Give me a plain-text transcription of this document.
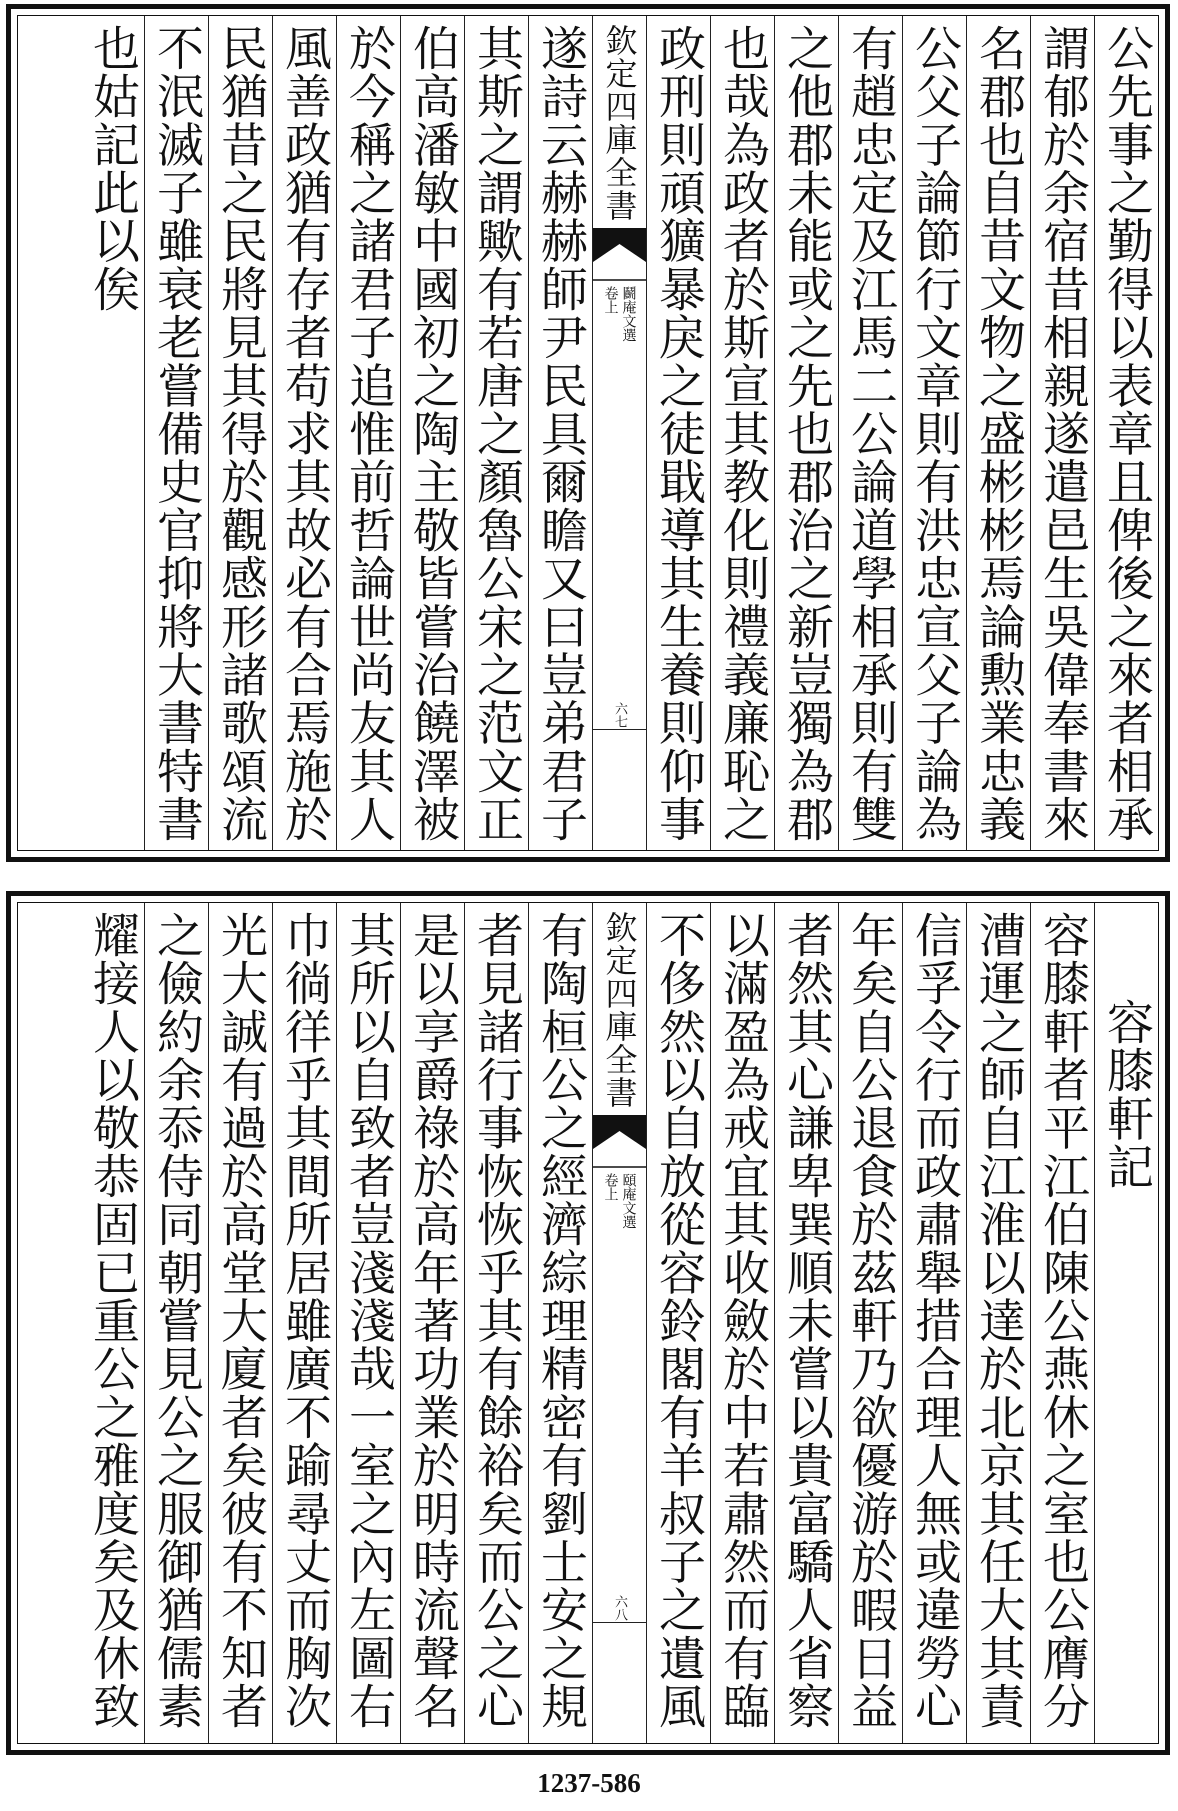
公先事之勤得以表章且俾後之來者相承
謂郁於余宿昔相親遂遣邑生吳偉奉書來
名郡也自昔文物之盛彬彬焉論勲業忠義
公父子論節行文章則有洪忠宣父子論為
有趙忠定及江馬二公論道學相承則有雙
之他郡未能或之先也郡治之新豈獨為郡
也哉為政者於斯宣其教化則禮義廉恥之
政刑則頑獷暴戾之徒戢導其生養則仰事
欽定四庫全書
鬬庵文選
卷上
六七
遂詩云赫赫師尹民具爾瞻又曰豈弟君子
其斯之謂歟有若唐之顏魯公宋之范文正
伯高潘敏中國初之陶主敬皆嘗治饒澤被
於今稱之諸君子追惟前哲論世尚友其人
風善政猶有存者苟求其故必有合焉施於
民猶昔之民將見其得於觀感形諸歌頌流
不泯滅子雖衰老嘗備史官抑將大書特書
也姑記此以俟
容膝軒記
容膝軒者平江伯陳公燕休之室也公膺分
漕運之師自江淮以達於北京其任大其責
信孚令行而政肅舉措合理人無或違勞心
年矣自公退食於茲軒乃欲優游於暇日益
者然其心謙卑巽順未嘗以貴富驕人省察
以滿盈為戒宜其收斂於中若肅然而有臨
不侈然以自放從容鈴閣有羊叔子之遺風
欽定四庫全書
頤庵文選
卷上
六八
有陶桓公之經濟綜理精密有劉士安之規
者見諸行事恢恢乎其有餘裕矣而公之心
是以享爵祿於高年著功業於明時流聲名
其所以自致者豈淺淺哉一室之內左圖右
巾徜徉乎其間所居雖廣不踰尋丈而胸次
光大誠有過於高堂大廈者矣彼有不知者
之儉約余忝侍同朝嘗見公之服御猶儒素
耀接人以敬恭固已重公之雅度矣及休致
1237-586
